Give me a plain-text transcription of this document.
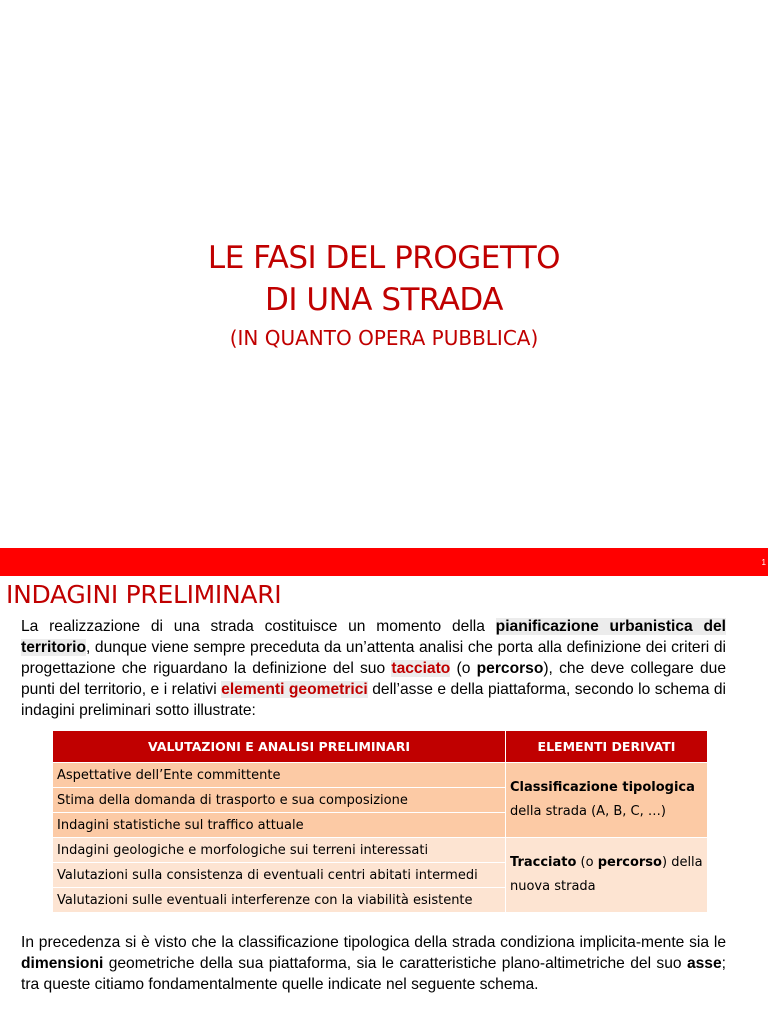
LE FASI DEL PROGETTO
DI UNA STRADA
(IN QUANTO OPERA PUBBLICA)
1
INDAGINI PRELIMINARI
La realizzazione di una strada costituisce un momento della pianificazione urbanistica del territorio, dunque viene sempre preceduta da un’attenta analisi che porta alla definizione dei criteri di progettazione che riguardano la definizione del suo tacciato (o percorso), che deve collegare due punti del territorio, e i relativi elementi geometrici dell’asse e della piattaforma, secondo lo schema di indagini preliminari sotto illustrate:
VALUTAZIONI E ANALISI PRELIMINARI	ELEMENTI DERIVATI
Aspettative dell’Ente committente	Classificazione tipologica
della strada (A, B, C, …)
Stima della domanda di trasporto e sua composizione	
Indagini statistiche sul traffico attuale	
Indagini geologiche e morfologiche sui terreni interessati	Tracciato (o percorso) della
nuova strada
Valutazioni sulla consistenza di eventuali centri abitati intermedi	
Valutazioni sulle eventuali interferenze con la viabilità esistente	
In precedenza si è visto che la classificazione tipologica della strada condiziona implicita-mente sia le dimensioni geometriche della sua piattaforma, sia le caratteristiche plano-altimetriche del suo asse; tra queste citiamo fondamentalmente quelle indicate nel seguente schema.
